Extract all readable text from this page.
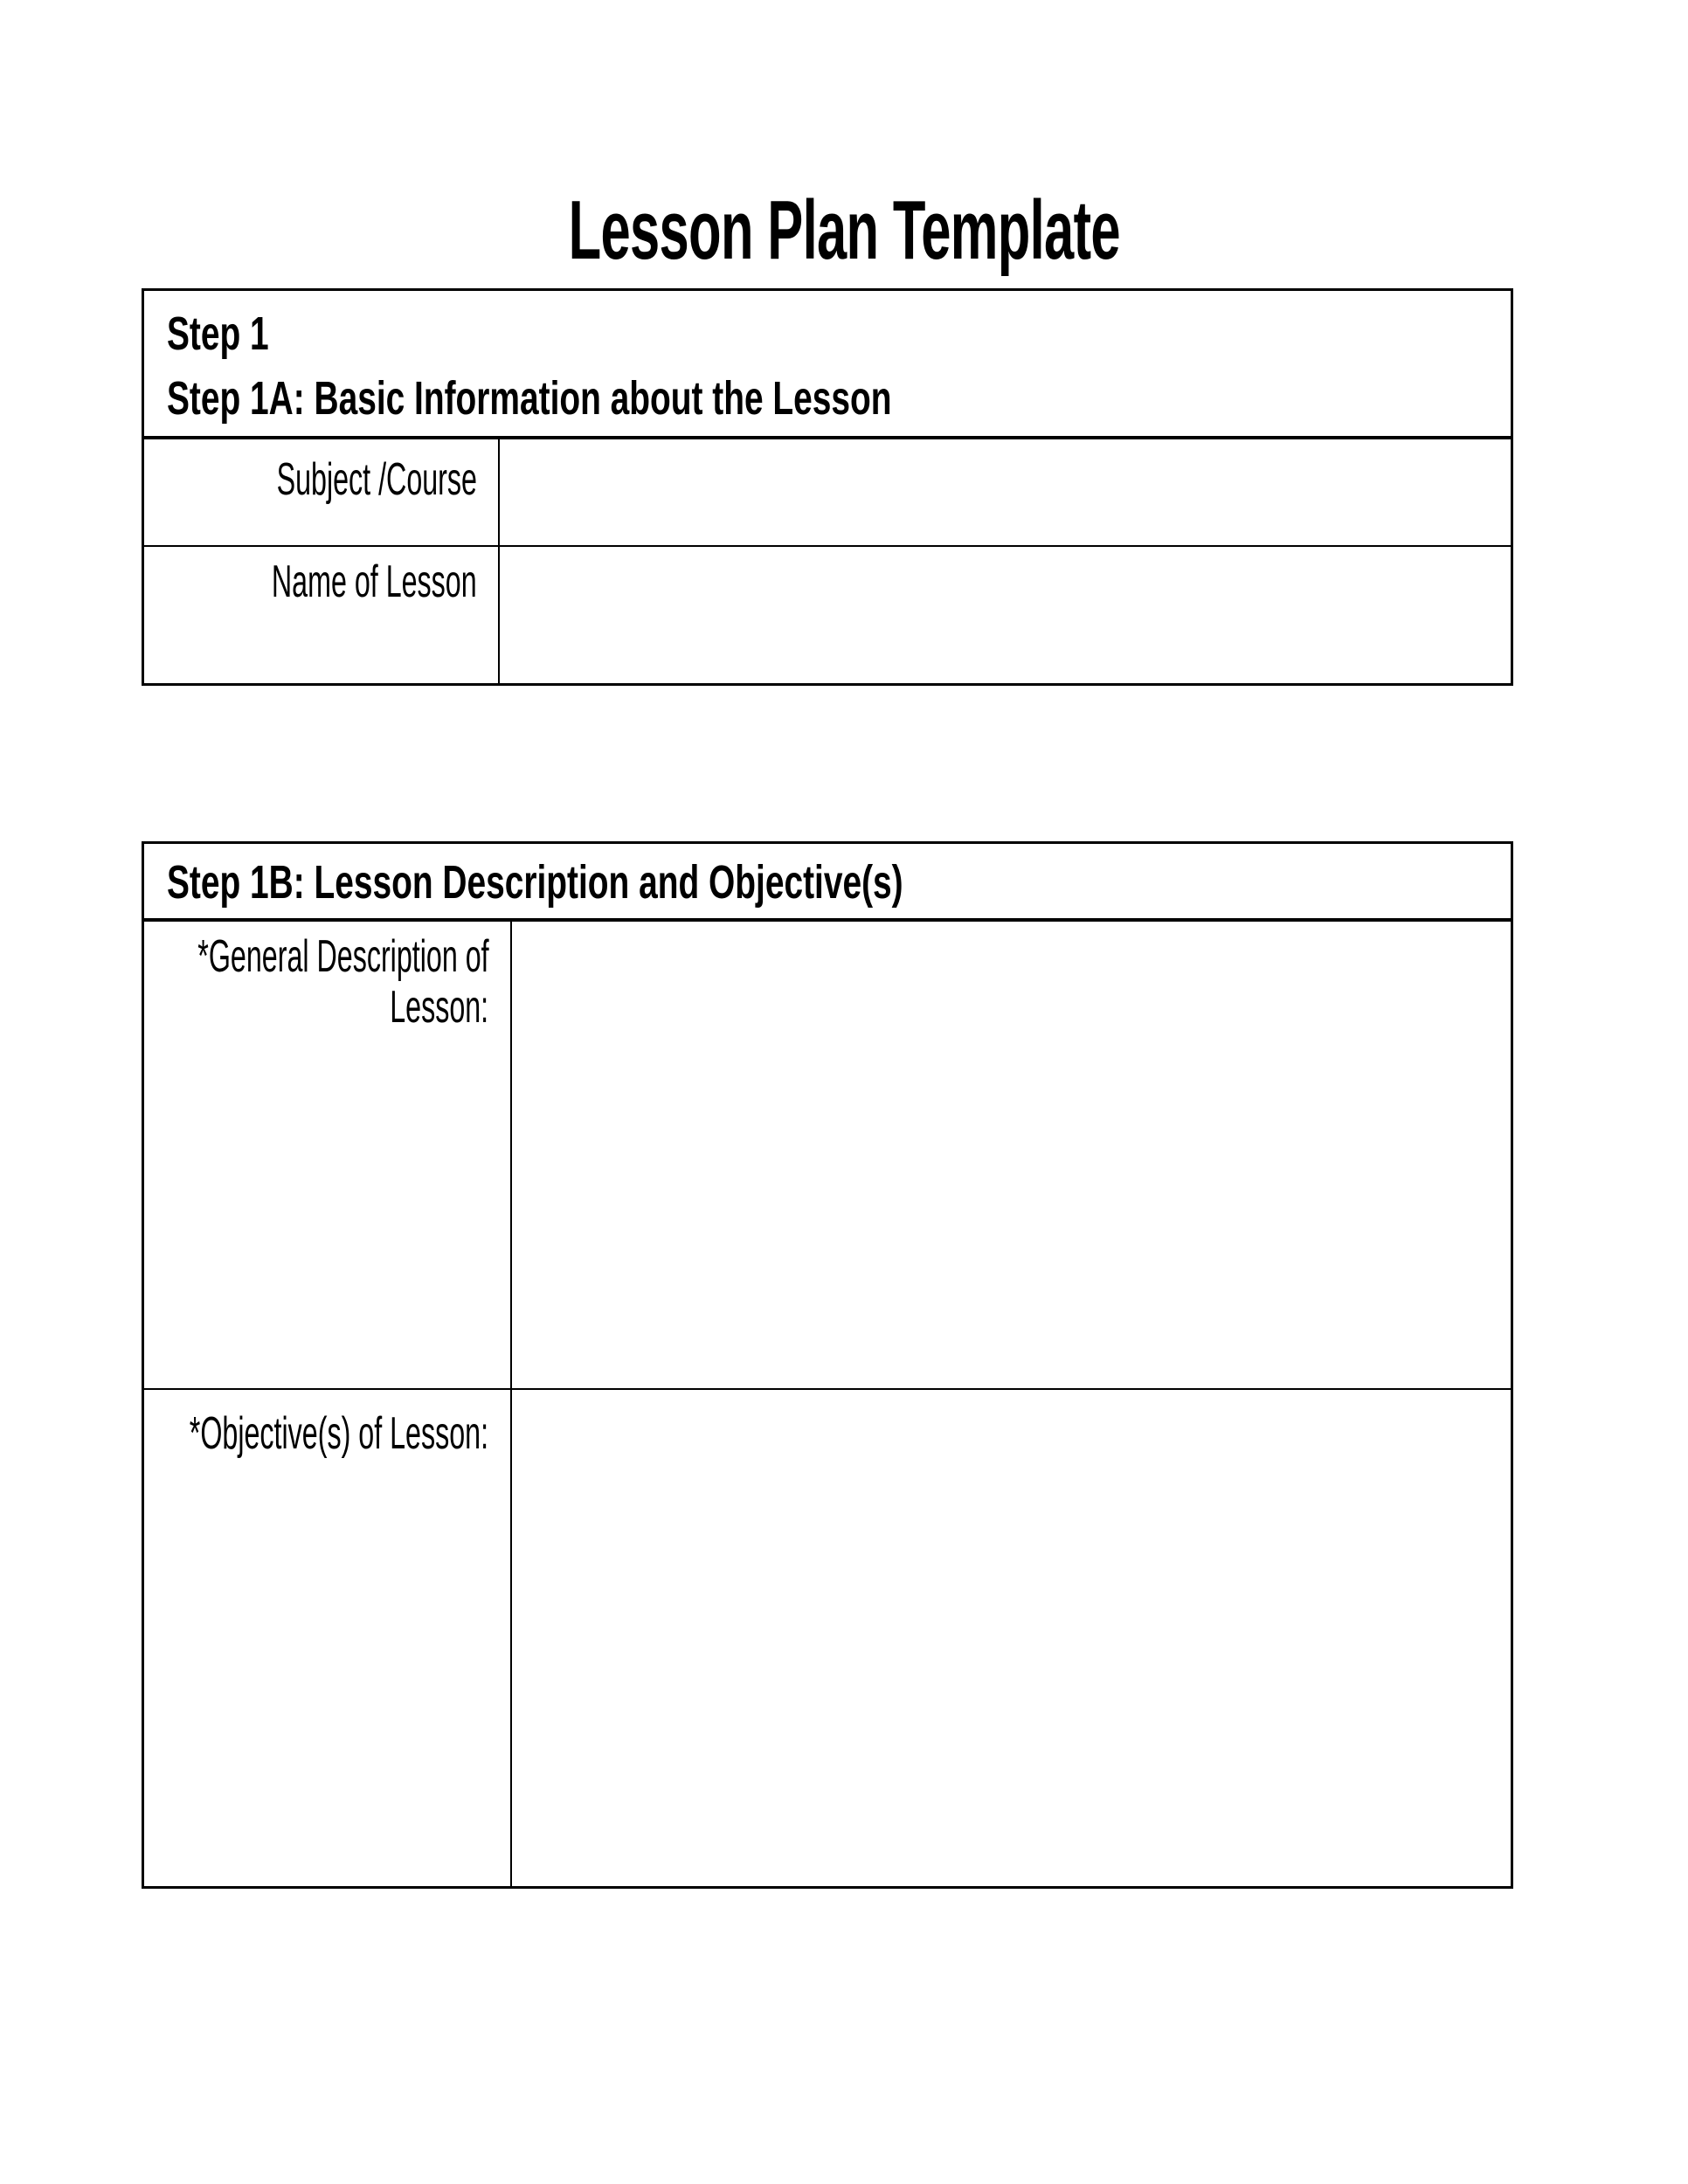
Lesson Plan Template
Step 1
Step 1A: Basic Information about the Lesson	

Subject /Course	

Name of Lesson	

Step 1B: Lesson Description and Objective(s)	

*General Description of
Lesson:	

*Objective(s) of Lesson:	
